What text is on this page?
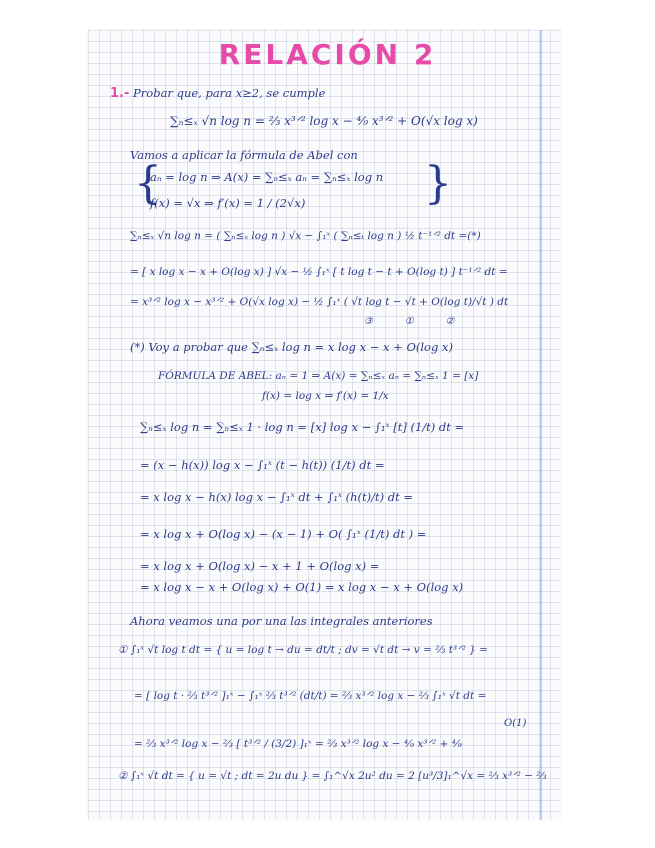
RELACIÓN 2
1.- Probar que, para x≥2, se cumple
∑ₙ≤ₓ √n log n = ⅔ x³ᐟ² log x − ⁴⁄₉ x³ᐟ² + O(√x log x)
Vamos a aplicar la fórmula de Abel con
{
aₙ = log n ⇒ A(x) = ∑ₙ≤ₓ aₙ = ∑ₙ≤ₓ log n
f(x) = √x ⇒ f′(x) = 1 / (2√x)	}
∑ₙ≤ₓ √n log n = ( ∑ₙ≤ₓ log n ) √x − ∫₁ˣ ( ∑ₙ≤ₜ log n ) ½ t⁻¹ᐟ² dt =(*)
= [ x log x − x + O(log x) ] √x − ½ ∫₁ˣ [ t log t − t + O(log t) ] t⁻¹ᐟ² dt =
= x³ᐟ² log x − x³ᐟ² + O(√x log x) − ½ ∫₁ˣ ( √t log t − √t + O(log t)/√t ) dt
③	①	②
(*) Voy a probar que ∑ₙ≤ₓ log n = x log x − x + O(log x)
FÓRMULA DE ABEL: aₙ = 1 ⇒ A(x) = ∑ₙ≤ₓ aₙ = ∑ₙ≤ₓ 1 = [x]
f(x) = log x ⇒ f′(x) = 1/x
∑ₙ≤ₓ log n = ∑ₙ≤ₓ 1 · log n = [x] log x − ∫₁ˣ [t] (1/t) dt =
= (x − h(x)) log x − ∫₁ˣ (t − h(t)) (1/t) dt =
= x log x − h(x) log x − ∫₁ˣ dt + ∫₁ˣ (h(t)/t) dt =
= x log x + O(log x) − (x − 1) + O( ∫₁ˣ (1/t) dt ) =
= x log x + O(log x) − x + 1 + O(log x) =
= x log x − x + O(log x) + O(1) = x log x − x + O(log x)
Ahora veamos una por una las integrales anteriores
① ∫₁ˣ √t log t dt = { u = log t → du = dt/t ; dv = √t dt → v = ⅔ t³ᐟ² } =
= [ log t · ⅔ t³ᐟ² ]₁ˣ − ∫₁ˣ ⅔ t³ᐟ² (dt/t) = ⅔ x³ᐟ² log x − ⅔ ∫₁ˣ √t dt =
O(1)
= ⅔ x³ᐟ² log x − ⅔ [ t³ᐟ² / (3/2) ]₁ˣ = ⅔ x³ᐟ² log x − ⁴⁄₉ x³ᐟ² + ⁴⁄₉
② ∫₁ˣ √t dt = { u = √t ; dt = 2u du } = ∫₁^√x 2u² du = 2 [u³/3]₁^√x = ⅔ x³ᐟ² − ⅔
